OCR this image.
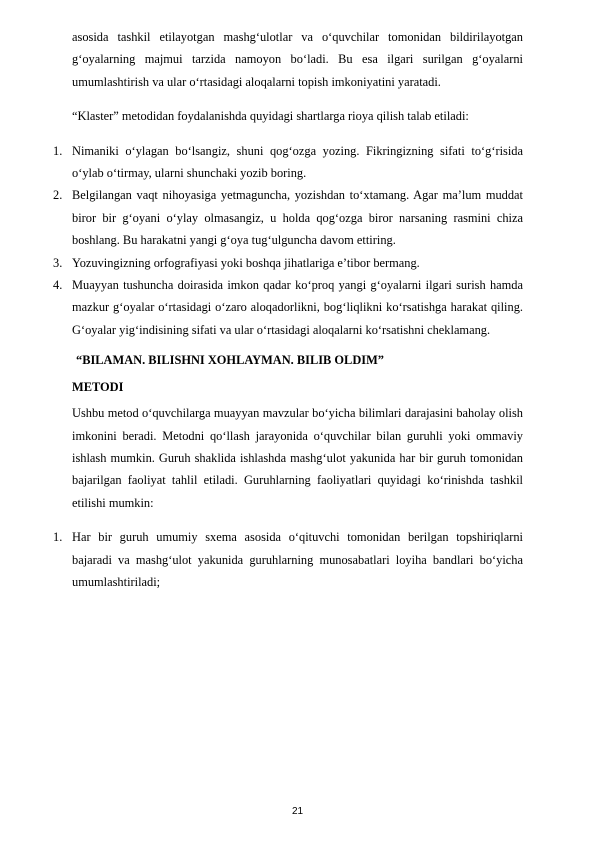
asosida tashkil etilayotgan mashg‘ulotlar va o‘quvchilar tomonidan bildirilayotgan g‘oyalarning majmui tarzida namoyon bo‘ladi. Bu esa ilgari surilgan g‘oyalarni umumlashtirish va ular o‘rtasidagi aloqalarni topish imkoniyatini yaratadi.

“Klaster” metodidan foydalanishda quyidagi shartlarga rioya qilish talab etiladi:

1. Nimaniki o‘ylagan bo‘lsangiz, shuni qog‘ozga yozing. Fikringizning sifati to‘g‘risida o‘ylab o‘tirmay, ularni shunchaki yozib boring.
2. Belgilangan vaqt nihoyasiga yetmaguncha, yozishdan to‘xtamang. Agar ma’lum muddat biror bir g‘oyani o‘ylay olmasangiz, u holda qog‘ozga biror narsaning rasmini chiza boshlang. Bu harakatni yangi g‘oya tug‘ulguncha davom ettiring.
3. Yozuvingizning orfografiyasi yoki boshqa jihatlariga e’tibor bermang.
4. Muayyan tushuncha doirasida imkon qadar ko‘proq yangi g‘oyalarni ilgari surish hamda mazkur g‘oyalar o‘rtasidagi o‘zaro aloqadorlikni, bog‘liqlikni ko‘rsatishga harakat qiling. G‘oyalar yig‘indisining sifati va ular o‘rtasidagi aloqalarni ko‘rsatishni cheklamang.
“BILAMAN. BILISHNI XOHLAYMAN. BILIB OLDIM”
METODI

Ushbu metod o‘quvchilarga muayyan mavzular bo‘yicha bilimlari darajasini baholay olish imkonini beradi. Metodni qo‘llash jarayonida o‘quvchilar bilan guruhli yoki ommaviy ishlash mumkin. Guruh shaklida ishlashda mashg‘ulot yakunida har bir guruh tomonidan bajarilgan faoliyat tahlil etiladi. Guruhlarning faoliyatlari quyidagi ko‘rinishda tashkil etilishi mumkin:

1. Har bir guruh umumiy sxema asosida o‘qituvchi tomonidan berilgan topshiriqlarni bajaradi va mashg‘ulot yakunida guruhlarning munosabatlari loyiha bandlari bo‘yicha umumlashtiriladi;
21
